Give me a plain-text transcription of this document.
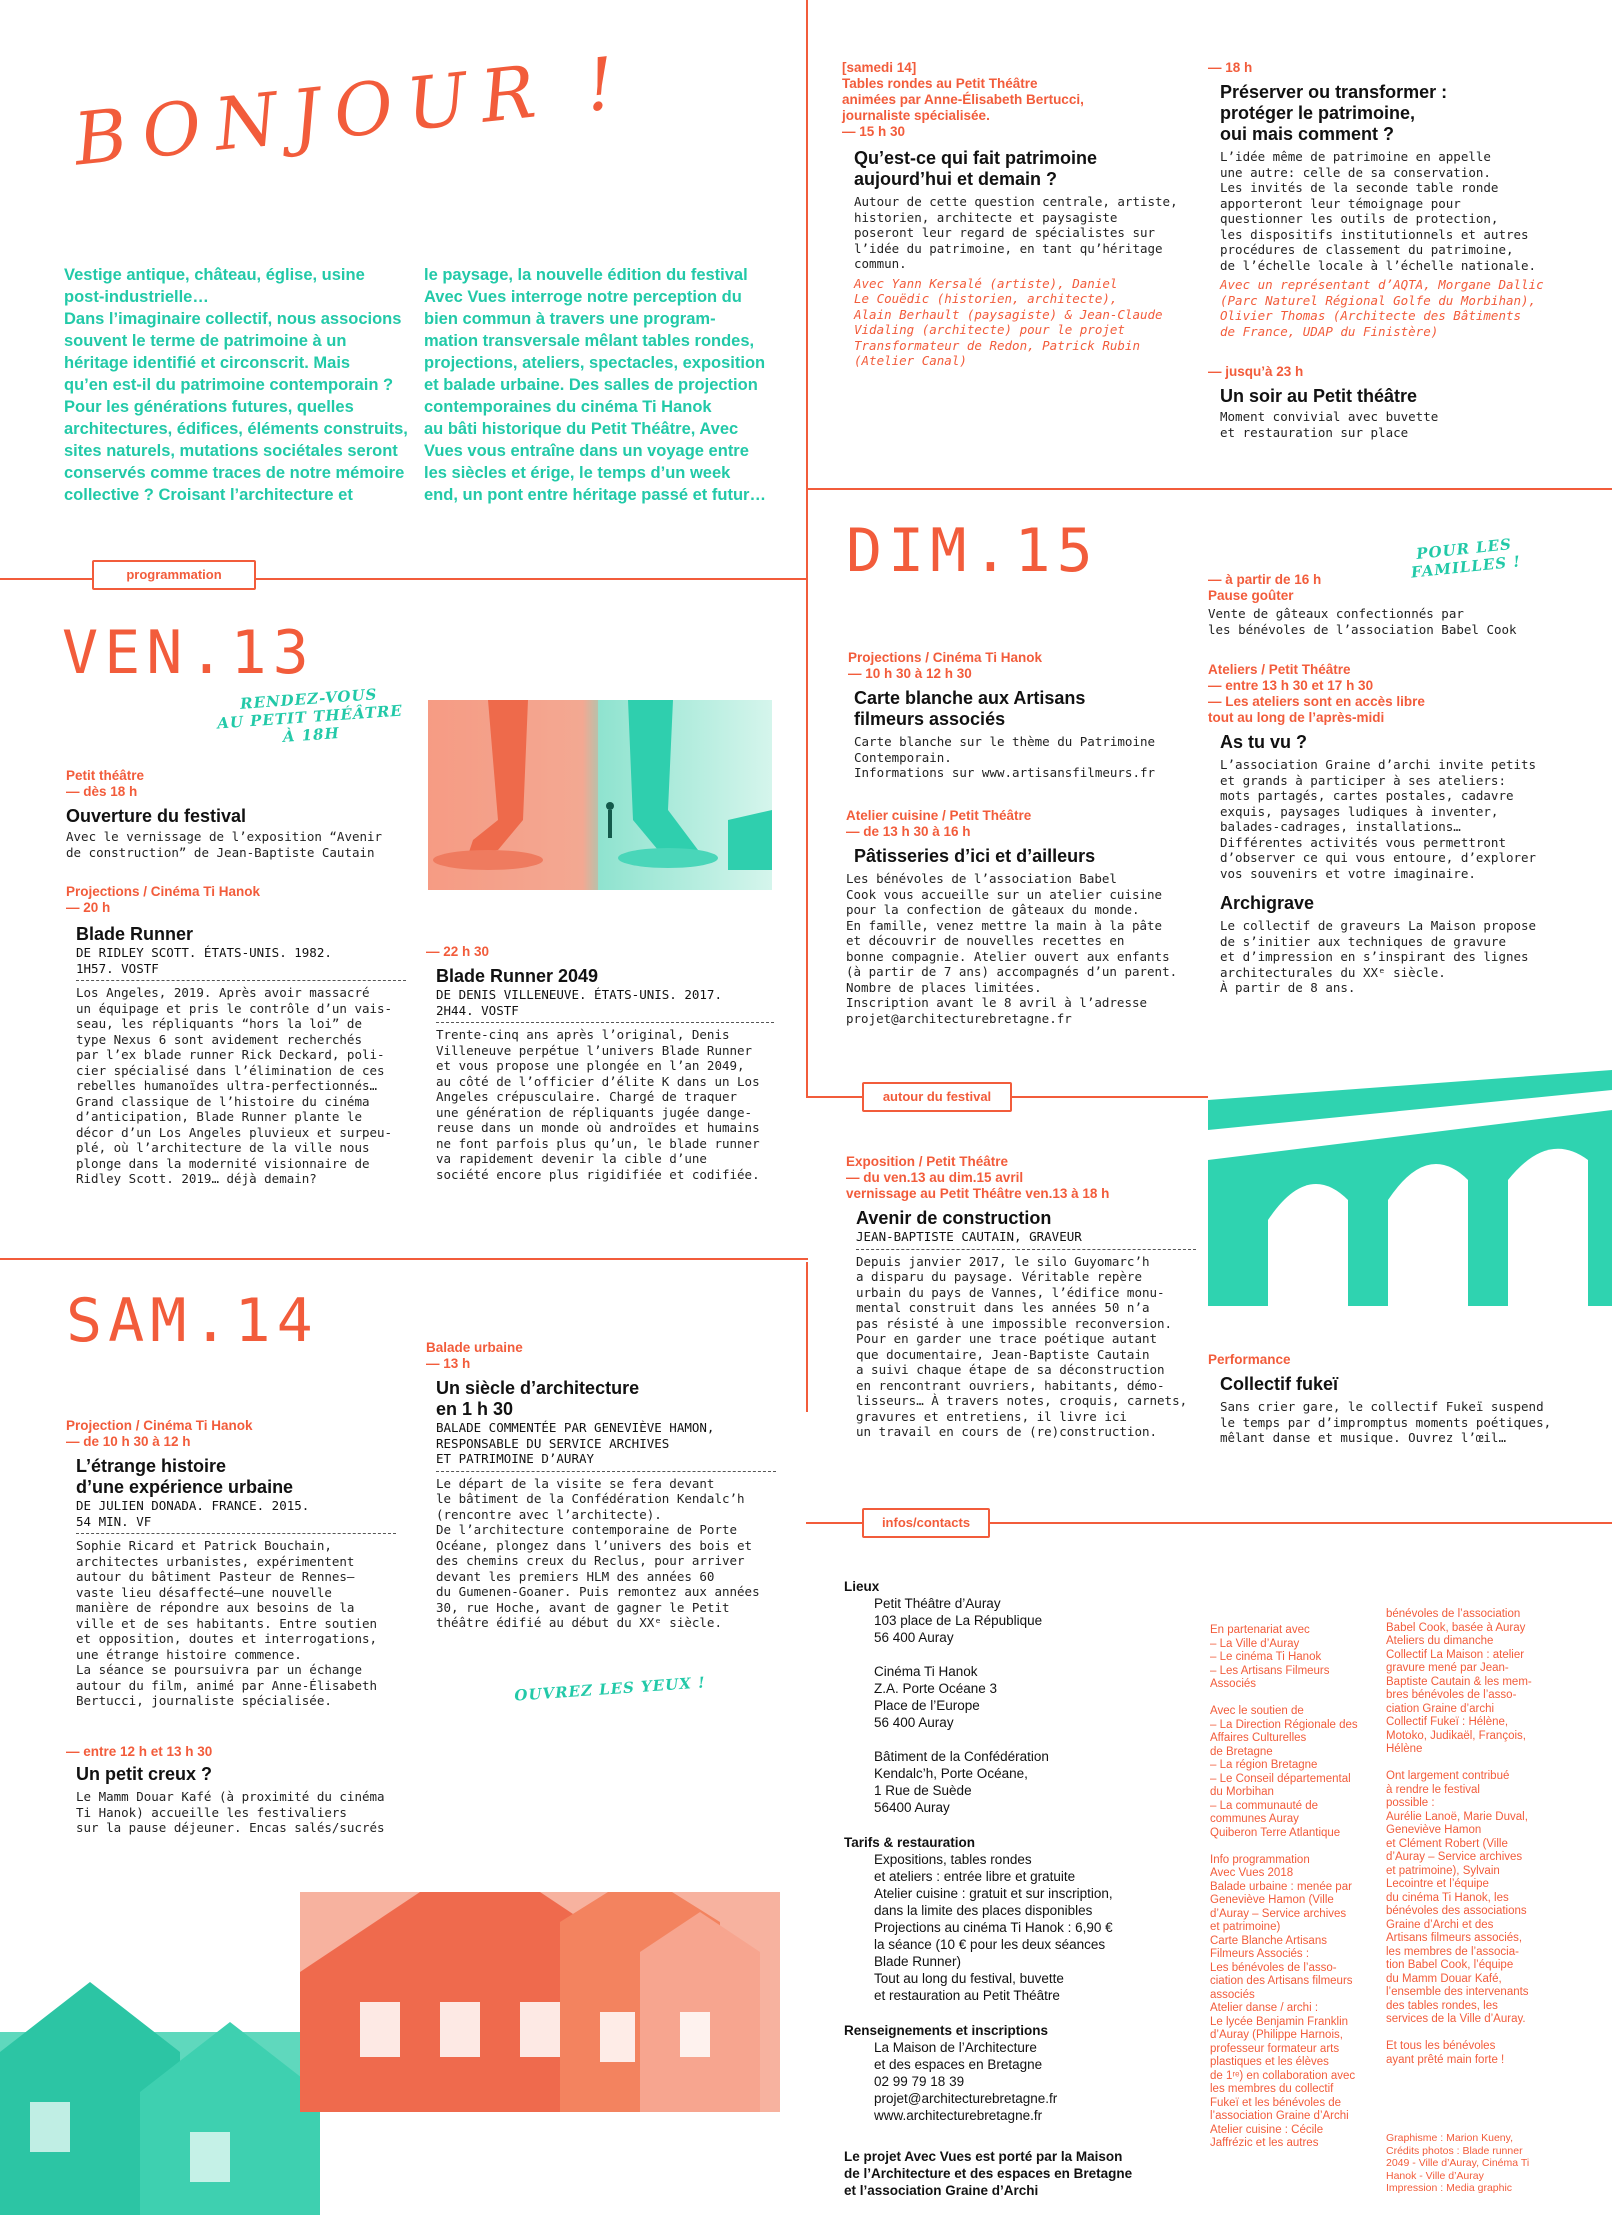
programmation
autour du festival
infos/contacts
BONJOUR !
Vestige antique, château, église, usine
post-industrielle…
Dans l’imaginaire collectif, nous associons
souvent le terme de patrimoine à un
héritage identifié et circonscrit. Mais
qu’en est-il du patrimoine contemporain ?
Pour les générations futures, quelles
architectures, édifices, éléments construits,
sites naturels, mutations sociétales seront
conservés comme traces de notre mémoire
collective ? Croisant l’architecture et
le paysage, la nouvelle édition du festival
Avec Vues interroge notre perception du
bien commun à travers une program-
mation transversale mêlant tables rondes,
projections, ateliers, spectacles, exposition
et balade urbaine. Des salles de projection
contemporaines du cinéma Ti Hanok
au bâti historique du Petit Théâtre, Avec
Vues vous entraîne dans un voyage entre
les siècles et érige, le temps d’un week
end, un pont entre héritage passé et futur…
VEN.13
RENDEZ-VOUS
AU PETIT THÉÂTRE
À 18H
Petit théâtre
— dès 18 h
Ouverture du festival
Avec le vernissage de l’exposition “Avenir
de construction” de Jean-Baptiste Cautain
Projections / Cinéma Ti Hanok
— 20 h
Blade Runner
DE RIDLEY SCOTT. ÉTATS-UNIS. 1982.
1H57. VOSTF
Los Angeles, 2019. Après avoir massacré
un équipage et pris le contrôle d’un vais-
seau, les répliquants “hors la loi” de
type Nexus 6 sont avidement recherchés
par l’ex blade runner Rick Deckard, poli-
cier spécialisé dans l’élimination de ces
rebelles humanoïdes ultra-perfectionnés…
Grand classique de l’histoire du cinéma
d’anticipation, Blade Runner plante le
décor d’un Los Angeles pluvieux et surpeu-
plé, où l’architecture de la ville nous
plonge dans la modernité visionnaire de
Ridley Scott. 2019… déjà demain?
— 22 h 30
Blade Runner 2049
DE DENIS VILLENEUVE. ÉTATS-UNIS. 2017.
2H44. VOSTF
Trente-cinq ans après l’original, Denis
Villeneuve perpétue l’univers Blade Runner
et vous propose une plongée en l’an 2049,
au côté de l’officier d’élite K dans un Los
Angeles crépusculaire. Chargé de traquer
une génération de répliquants jugée dange-
reuse dans un monde où androïdes et humains
ne font parfois plus qu’un, le blade runner
va rapidement devenir la cible d’une
société encore plus rigidifiée et codifiée.
SAM.14
Projection / Cinéma Ti Hanok
— de 10 h 30 à 12 h
L’étrange histoire
d’une expérience urbaine
DE JULIEN DONADA. FRANCE. 2015.
54 MIN. VF
Sophie Ricard et Patrick Bouchain,
architectes urbanistes, expérimentent
autour du bâtiment Pasteur de Rennes—
vaste lieu désaffecté—une nouvelle
manière de répondre aux besoins de la
ville et de ses habitants. Entre soutien
et opposition, doutes et interrogations,
une étrange histoire commence.
La séance se poursuivra par un échange
autour du film, animé par Anne-Élisabeth
Bertucci, journaliste spécialisée.
— entre 12 h et 13 h 30
Un petit creux ?
Le Mamm Douar Kafé (à proximité du cinéma
Ti Hanok) accueille les festivaliers
sur la pause déjeuner. Encas salés/sucrés
Balade urbaine
— 13 h
Un siècle d’architecture
en 1 h 30
BALADE COMMENTÉE PAR GENEVIÈVE HAMON,
RESPONSABLE DU SERVICE ARCHIVES
ET PATRIMOINE D’AURAY
Le départ de la visite se fera devant
le bâtiment de la Confédération Kendalc’h
(rencontre avec l’architecte).
De l’architecture contemporaine de Porte
Océane, plongez dans l’univers des bois et
des chemins creux du Reclus, pour arriver
devant les premiers HLM des années 60
du Gumenen-Goaner. Puis remontez aux années
30, rue Hoche, avant de gagner le Petit
théâtre édifié au début du XXᵉ siècle.
OUVREZ LES YEUX !
[samedi 14]
Tables rondes au Petit Théâtre
animées par Anne-Élisabeth Bertucci,
journaliste spécialisée.
— 15 h 30
Qu’est-ce qui fait patrimoine
aujourd’hui et demain ?
Autour de cette question centrale, artiste,
historien, architecte et paysagiste
poseront leur regard de spécialistes sur
l’idée du patrimoine, en tant qu’héritage
commun.
Avec Yann Kersalé (artiste), Daniel
Le Couëdic (historien, architecte),
Alain Berhault (paysagiste) & Jean-Claude
Vidaling (architecte) pour le projet
Transformateur de Redon, Patrick Rubin
(Atelier Canal)
— 18 h
Préserver ou transformer :
protéger le patrimoine,
oui mais comment ?
L’idée même de patrimoine en appelle
une autre: celle de sa conservation.
Les invités de la seconde table ronde
apporteront leur témoignage pour
questionner les outils de protection,
les dispositifs institutionnels et autres
procédures de classement du patrimoine,
de l’échelle locale à l’échelle nationale.
Avec un représentant d’AQTA, Morgane Dallic
(Parc Naturel Régional Golfe du Morbihan),
Olivier Thomas (Architecte des Bâtiments
de France, UDAP du Finistère)
— jusqu’à 23 h
Un soir au Petit théâtre
Moment convivial avec buvette
et restauration sur place
DIM.15	POUR LES
FAMILLES !
— à partir de 16 h
Pause goûter
Vente de gâteaux confectionnés par
les bénévoles de l’association Babel Cook
Projections / Cinéma Ti Hanok
— 10 h 30 à 12 h 30
Carte blanche aux Artisans
filmeurs associés
Carte blanche sur le thème du Patrimoine
Contemporain.
Informations sur www.artisansfilmeurs.fr
Atelier cuisine / Petit Théâtre
— de 13 h 30 à 16 h
Pâtisseries d’ici et d’ailleurs
Les bénévoles de l’association Babel
Cook vous accueille sur un atelier cuisine
pour la confection de gâteaux du monde.
En famille, venez mettre la main à la pâte
et découvrir de nouvelles recettes en
bonne compagnie. Atelier ouvert aux enfants
(à partir de 7 ans) accompagnés d’un parent.
Nombre de places limitées.
Inscription avant le 8 avril à l’adresse
projet@architecturebretagne.fr
Ateliers / Petit Théâtre
— entre 13 h 30 et 17 h 30
— Les ateliers sont en accès libre
tout au long de l’après-midi
As tu vu ?
L’association Graine d’archi invite petits
et grands à participer à ses ateliers:
mots partagés, cartes postales, cadavre
exquis, paysages ludiques à inventer,
balades-cadrages, installations…
Différentes activités vous permettront
d’observer ce qui vous entoure, d’explorer
vos souvenirs et votre imaginaire.
Archigrave
Le collectif de graveurs La Maison propose
de s’initier aux techniques de gravure
et d’impression en s’inspirant des lignes
architecturales du XXᵉ siècle.
À partir de 8 ans.
Exposition / Petit Théâtre
— du ven.13 au dim.15 avril
vernissage au Petit Théâtre ven.13 à 18 h
Avenir de construction
JEAN-BAPTISTE CAUTAIN, GRAVEUR
Depuis janvier 2017, le silo Guyomarc’h
a disparu du paysage. Véritable repère
urbain du pays de Vannes, l’édifice monu-
mental construit dans les années 50 n’a
pas résisté à une impossible reconversion.
Pour en garder une trace poétique autant
que documentaire, Jean-Baptiste Cautain
a suivi chaque étape de sa déconstruction
en rencontrant ouvriers, habitants, démo-
lisseurs… À travers notes, croquis, carnets,
gravures et entretiens, il livre ici
un travail en cours de (re)construction.
Performance
Collectif fukeï
Sans crier gare, le collectif Fukeï suspend
le temps par d’impromptus moments poétiques,
mêlant danse et musique. Ouvrez l’œil…
Lieux
Petit Théâtre d’Auray
103 place de La République
56 400 Auray

Cinéma Ti Hanok
Z.A. Porte Océane 3
Place de l’Europe
56 400 Auray

Bâtiment de la Confédération
Kendalc’h, Porte Océane,
1 Rue de Suède
56400 Auray
Tarifs & restauration
Expositions, tables rondes
et ateliers : entrée libre et gratuite
Atelier cuisine : gratuit et sur inscription,
dans la limite des places disponibles
Projections au cinéma Ti Hanok : 6,90 €
la séance (10 € pour les deux séances
Blade Runner)
Tout au long du festival, buvette
et restauration au Petit Théâtre
Renseignements et inscriptions
La Maison de l’Architecture
et des espaces en Bretagne
02 99 79 18 39
projet@architecturebretagne.fr
www.architecturebretagne.fr
Le projet Avec Vues est porté par la Maison
de l’Architecture et des espaces en Bretagne
et l’association Graine d’Archi
En partenariat avec
– La Ville d’Auray
– Le cinéma Ti Hanok
– Les Artisans Filmeurs
Associés

Avec le soutien de
– La Direction Régionale des
Affaires Culturelles
de Bretagne
– La région Bretagne
– Le Conseil départemental
du Morbihan
– La communauté de
communes Auray
Quiberon Terre Atlantique

Info programmation
Avec Vues 2018
Balade urbaine : menée par
Geneviève Hamon (Ville
d’Auray – Service archives
et patrimoine)
Carte Blanche Artisans
Filmeurs Associés :
Les bénévoles de l’asso-
ciation des Artisans filmeurs
associés
Atelier danse / archi :
Le lycée Benjamin Franklin
d’Auray (Philippe Harnois,
professeur formateur arts
plastiques et les élèves
de 1ʳᵉ) en collaboration avec
les membres du collectif
Fukeï et les bénévoles de
l’association Graine d’Archi
Atelier cuisine : Cécile
Jaffrézic et les autres
bénévoles de l’association
Babel Cook, basée à Auray
Ateliers du dimanche
Collectif La Maison : atelier
gravure mené par Jean-
Baptiste Cautain & les mem-
bres bénévoles de l’asso-
ciation Graine d’archi
Collectif Fukeï : Hélène,
Motoko, Judikaël, François,
Hélène

Ont largement contribué
à rendre le festival
possible :
Aurélie Lanoë, Marie Duval,
Geneviève Hamon
et Clément Robert (Ville
d’Auray – Service archives
et patrimoine), Sylvain
Lecointre et l’équipe
du cinéma Ti Hanok, les
bénévoles des associations
Graine d’Archi et des
Artisans filmeurs associés,
les membres de l’associa-
tion Babel Cook, l’équipe
du Mamm Douar Kafé,
l’ensemble des intervenants
des tables rondes, les
services de la Ville d’Auray.

Et tous les bénévoles
ayant prêté main forte !
Graphisme : Marion Kueny,
Crédits photos : Blade runner
2049 - Ville d’Auray, Cinéma Ti
Hanok - Ville d’Auray
Impression : Media graphic
